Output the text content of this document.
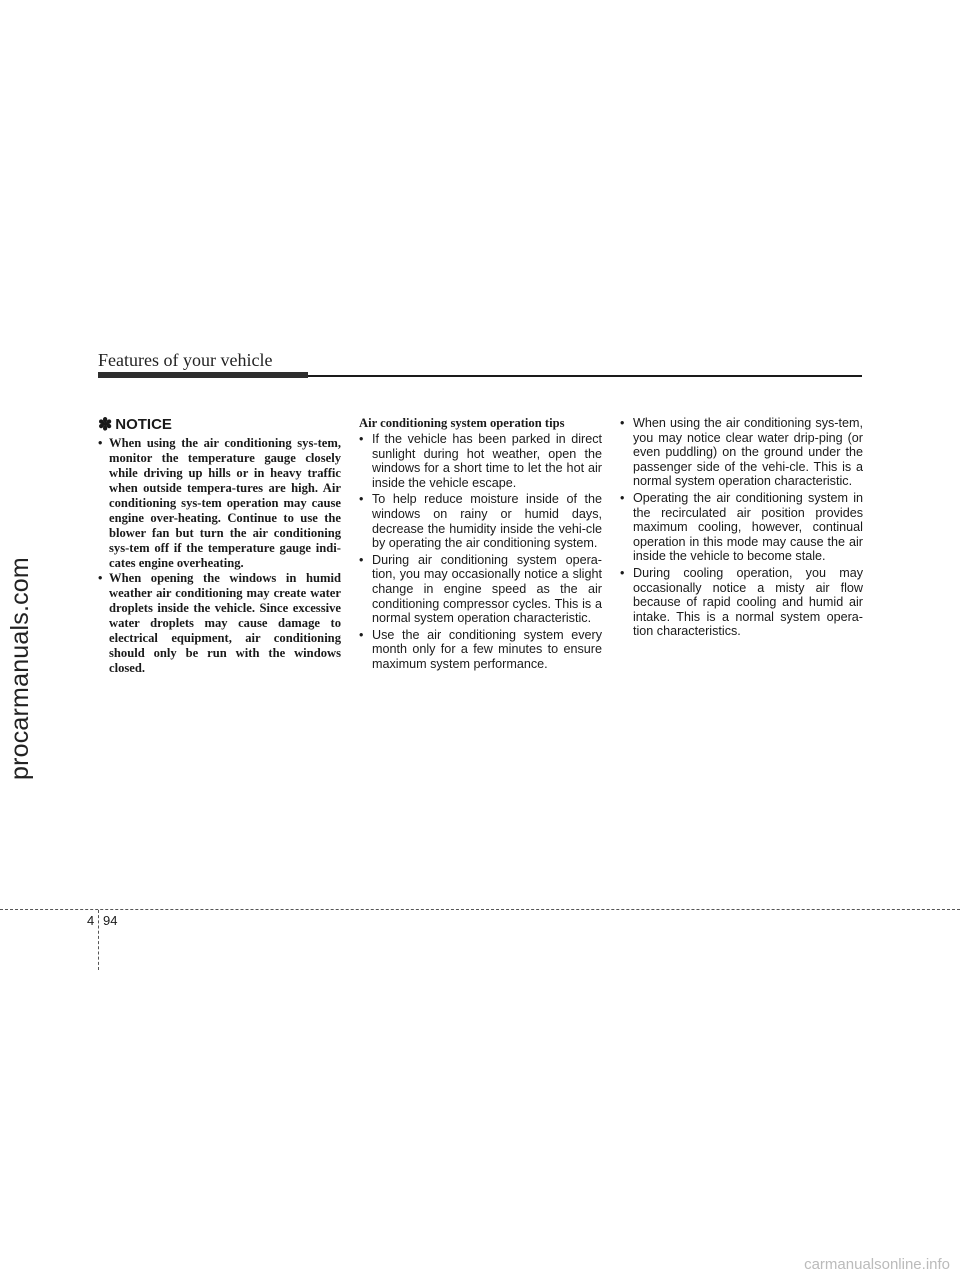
procarmanuals.com
Features of your vehicle
✽ NOTICE
• When using the air conditioning sys-tem, monitor the temperature gauge closely while driving up hills or in heavy traffic when outside tempera-tures are high. Air conditioning sys-tem operation may cause engine over-heating. Continue to use the blower fan but turn the air conditioning sys-tem off if the temperature gauge indi-cates engine overheating.
• When opening the windows in humid weather air conditioning may create water droplets inside the vehicle. Since excessive water droplets may cause damage to electrical equipment, air conditioning should only be run with the windows closed.
Air conditioning system operation tips
• If the vehicle has been parked in direct sunlight during hot weather, open the windows for a short time to let the hot air inside the vehicle escape.
• To help reduce moisture inside of the windows on rainy or humid days, decrease the humidity inside the vehi-cle by operating the air conditioning system.
• During air conditioning system opera-tion, you may occasionally notice a slight change in engine speed as the air conditioning compressor cycles. This is a normal system operation characteristic.
• Use the air conditioning system every month only for a few minutes to ensure maximum system performance.
• When using the air conditioning sys-tem, you may notice clear water drip-ping (or even puddling) on the ground under the passenger side of the vehi-cle. This is a normal system operation characteristic.
• Operating the air conditioning system in the recirculated air position provides maximum cooling, however, continual operation in this mode may cause the air inside the vehicle to become stale.
• During cooling operation, you may occasionally notice a misty air flow because of rapid cooling and humid air intake. This is a normal system opera-tion characteristics.
4 94
carmanualsonline.info
